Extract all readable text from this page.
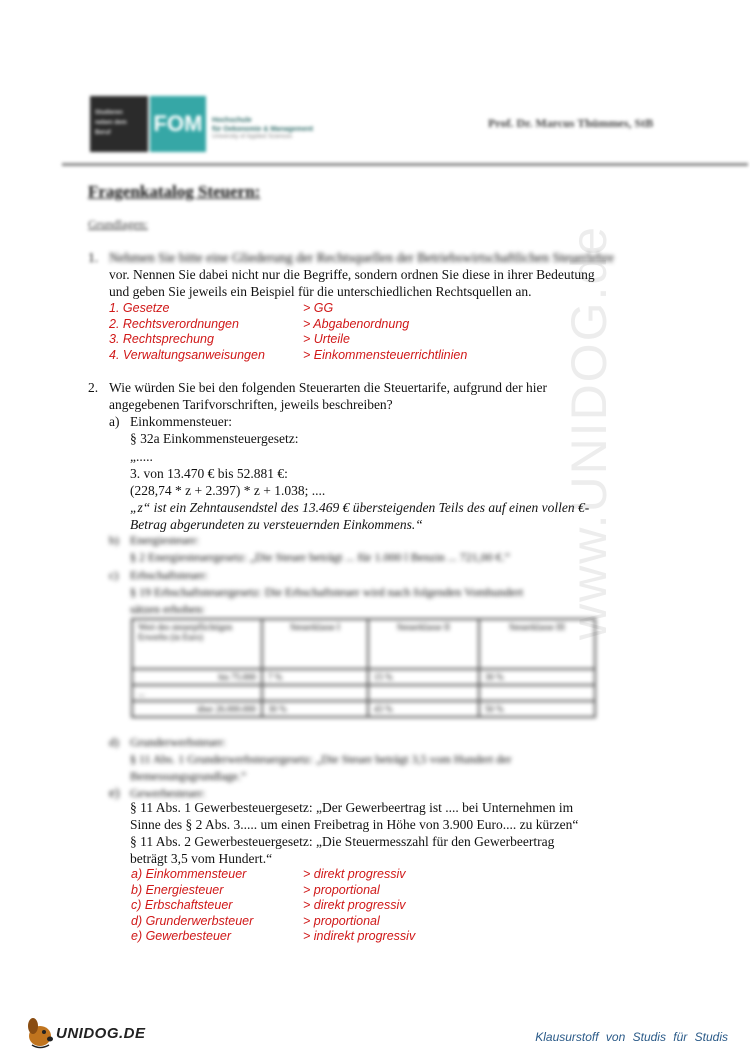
www.UNIDOG.de
Studieren
neben dem
Beruf FOM	Hochschule
für Oekonomie & Management
University of Applied Sciences
Prof. Dr. Marcus Thümmes, StB
Fragenkatalog Steuern:
Grundlagen:
1. Nehmen Sie bitte eine Gliederung der Rechtsquellen der Betriebswirtschaftlichen Steuerlehre
vor. Nennen Sie dabei nicht nur die Begriffe, sondern ordnen Sie diese in ihrer Bedeutung
und geben Sie jeweils ein Beispiel für die unterschiedlichen Rechtsquellen an.
1. Gesetze	> GG
2. Rechtsverordnungen	> Abgabenordnung
3. Rechtsprechung	> Urteile
4. Verwaltungsanweisungen	> Einkommensteuerrichtlinien
2. Wie würden Sie bei den folgenden Steuerarten die Steuertarife, aufgrund der hier
angegebenen Tarifvorschriften, jeweils beschreiben?
a) Einkommensteuer:
§ 32a Einkommensteuergesetz:
„.....
3. von 13.470 € bis 52.881 €:
(228,74 * z + 2.397) * z + 1.038; ....
„z“ ist ein Zehntausendstel des 13.469 € übersteigenden Teils des auf einen vollen €-
Betrag abgerundeten zu versteuernden Einkommens.“
b) Energiesteuer:
§ 2 Energiesteuergesetz: „Die Steuer beträgt ... für 1.000 l Benzin ... 721,00 €.“
c) Erbschaftsteuer:
§ 19 Erbschaftsteuergesetz: Die Erbschaftsteuer wird nach folgenden Vomhundert
sätzen erhoben:
Wert des steuerpflichtigen Erwerbs (in Euro)	Steuerklasse I	Steuerklasse II	Steuerklasse III
bis 75.000	7 %	15 %	30 %
...			
über 26.000.000	30 %	43 %	50 %
d) Grunderwerbsteuer:
§ 11 Abs. 1 Grunderwerbsteuergesetz: „Die Steuer beträgt 3,5 vom Hundert der
Bemessungsgrundlage.“
e) Gewerbesteuer:
§ 11 Abs. 1 Gewerbesteuergesetz: „Der Gewerbeertrag ist .... bei Unternehmen im
Sinne des § 2 Abs. 3..... um einen Freibetrag in Höhe von 3.900 Euro.... zu kürzen“
§ 11 Abs. 2 Gewerbesteuergesetz: „Die Steuermesszahl für den Gewerbeertrag
beträgt 3,5 vom Hundert.“
a) Einkommensteuer	> direkt progressiv
b) Energiesteuer	> proportional
c) Erbschaftsteuer	> direkt progressiv
d) Grunderwerbsteuer	> proportional
e) Gewerbesteuer	> indirekt progressiv
UNIDOG.DE	Klausurstoff von Studis für Studis
